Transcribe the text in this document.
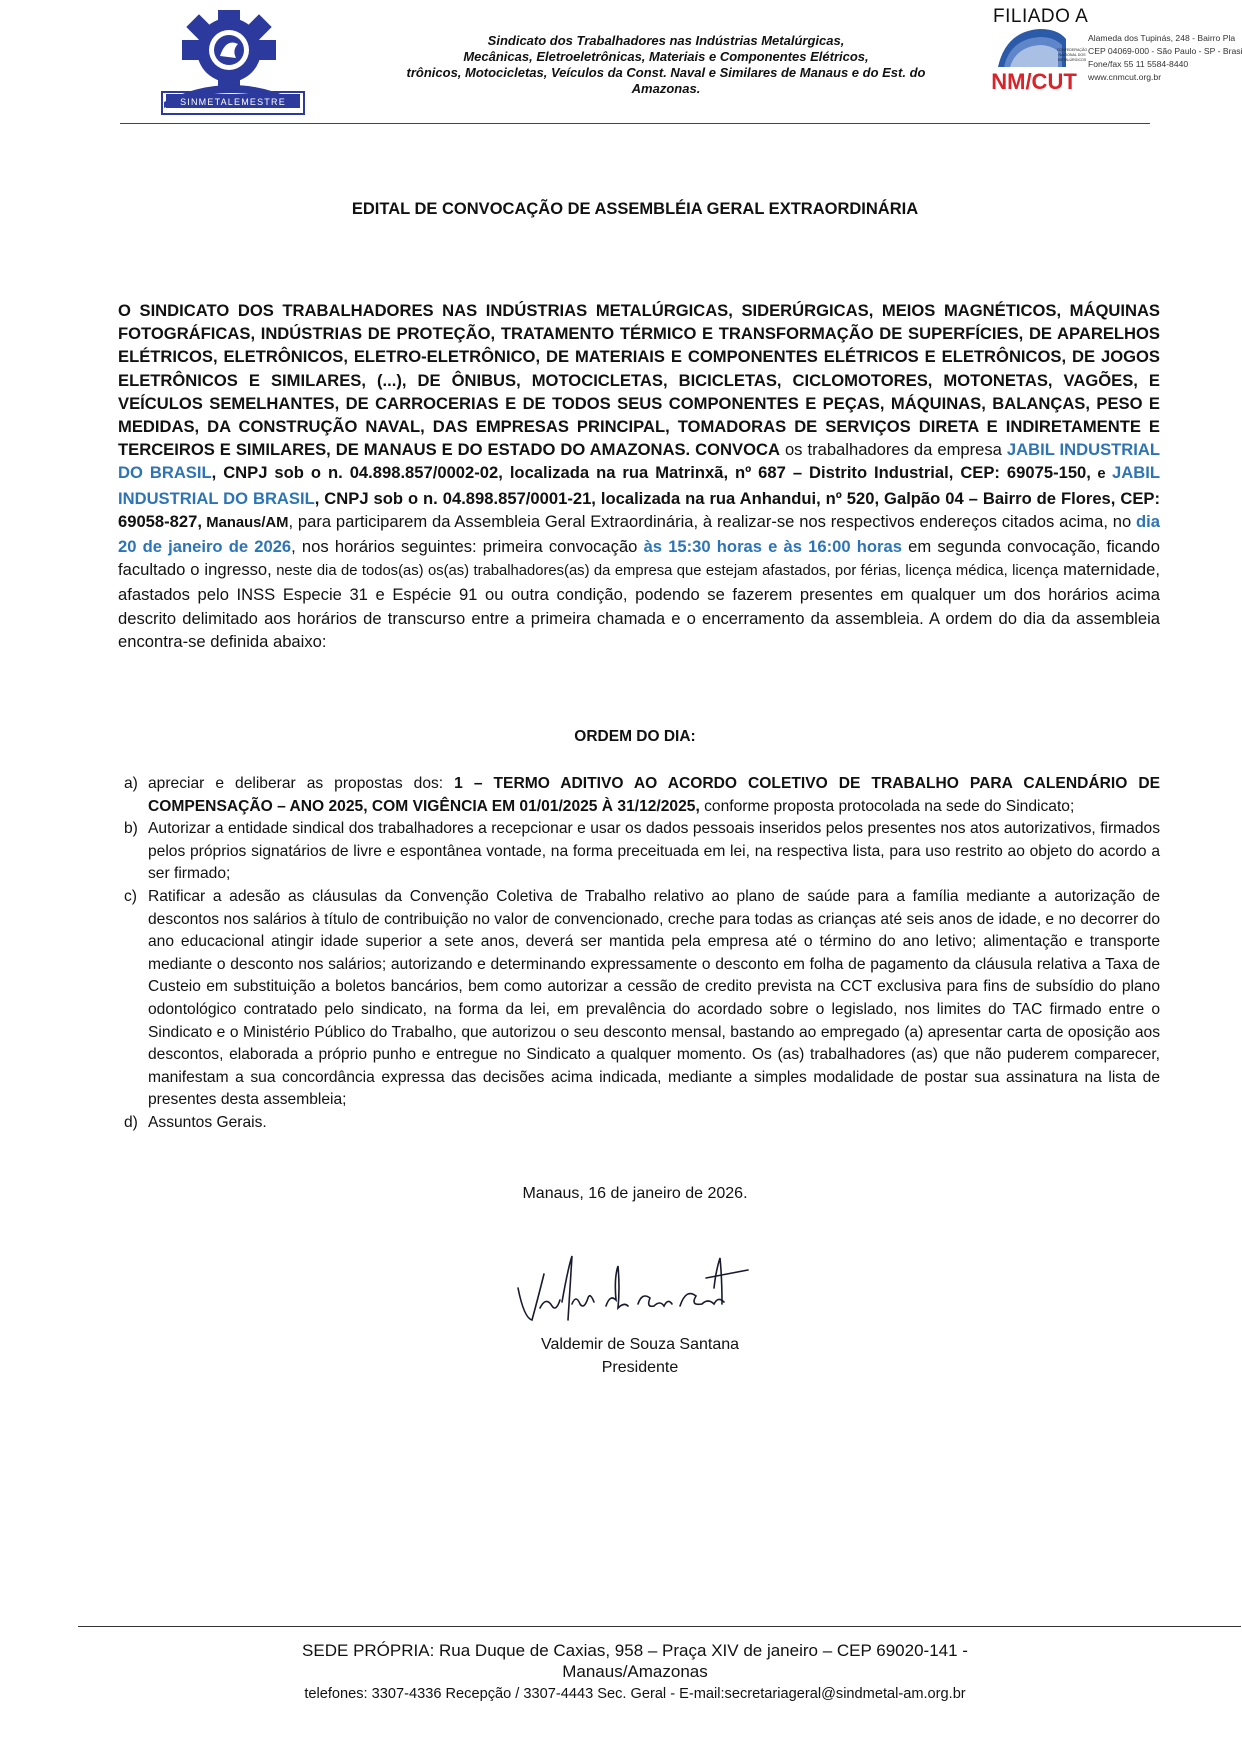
SINMETALEMESTRE
Sindicato dos Trabalhadores nas Indústrias Metalúrgicas,
Mecânicas, Eletroeletrônicas, Materiais e Componentes Elétricos,
trônicos, Motocicletas, Veículos da Const. Naval e Similares de Manaus e do Est. do
Amazonas.
FILIADO A
CONFEDERAÇÃO
NACIONAL DOS
METALÚRGICOS
NM/CUT
Alameda dos Tupinás, 248 - Bairro Pla
CEP 04069-000 - São Paulo - SP - Brasi
Fone/fax 55 11 5584-8440
www.cnmcut.org.br
EDITAL DE CONVOCAÇÃO DE ASSEMBLÉIA GERAL EXTRAORDINÁRIA
O SINDICATO DOS TRABALHADORES NAS INDÚSTRIAS METALÚRGICAS, SIDERÚRGICAS, MEIOS MAGNÉTICOS, MÁQUINAS FOTOGRÁFICAS, INDÚSTRIAS DE PROTEÇÃO, TRATAMENTO TÉRMICO E TRANSFORMAÇÃO DE SUPERFÍCIES, DE APARELHOS ELÉTRICOS, ELETRÔNICOS, ELETRO-ELETRÔNICO, DE MATERIAIS E COMPONENTES ELÉTRICOS E ELETRÔNICOS, DE JOGOS ELETRÔNICOS E SIMILARES, (...), DE ÔNIBUS, MOTOCICLETAS, BICICLETAS, CICLOMOTORES, MOTONETAS, VAGÕES, E VEÍCULOS SEMELHANTES, DE CARROCERIAS E DE TODOS SEUS COMPONENTES E PEÇAS, MÁQUINAS, BALANÇAS, PESO E MEDIDAS, DA CONSTRUÇÃO NAVAL, DAS EMPRESAS PRINCIPAL, TOMADORAS DE SERVIÇOS DIRETA E INDIRETAMENTE E TERCEIROS E SIMILARES, DE MANAUS E DO ESTADO DO AMAZONAS. CONVOCA os trabalhadores da empresa JABIL INDUSTRIAL DO BRASIL, CNPJ sob o n. 04.898.857/0002-02, localizada na rua Matrinxã, nº 687 – Distrito Industrial, CEP: 69075-150, e JABIL INDUSTRIAL DO BRASIL, CNPJ sob o n. 04.898.857/0001-21, localizada na rua Anhandui, nº 520, Galpão 04 – Bairro de Flores, CEP: 69058-827, Manaus/AM, para participarem da Assembleia Geral Extraordinária, à realizar-se nos respectivos endereços citados acima, no dia 20 de janeiro de 2026, nos horários seguintes: primeira convocação às 15:30 horas e às 16:00 horas em segunda convocação, ficando facultado o ingresso, neste dia de todos(as) os(as) trabalhadores(as) da empresa que estejam afastados, por férias, licença médica, licença maternidade, afastados pelo INSS Especie 31 e Espécie 91 ou outra condição, podendo se fazerem presentes em qualquer um dos horários acima descrito delimitado aos horários de transcurso entre a primeira chamada e o encerramento da assembleia. A ordem do dia da assembleia encontra-se definida abaixo:
ORDEM DO DIA:
a) apreciar e deliberar as propostas dos: 1 – TERMO ADITIVO AO ACORDO COLETIVO DE TRABALHO PARA CALENDÁRIO DE COMPENSAÇÃO – ANO 2025, COM VIGÊNCIA EM 01/01/2025 À 31/12/2025, conforme proposta protocolada na sede do Sindicato;
b) Autorizar a entidade sindical dos trabalhadores a recepcionar e usar os dados pessoais inseridos pelos presentes nos atos autorizativos, firmados pelos próprios signatários de livre e espontânea vontade, na forma preceituada em lei, na respectiva lista, para uso restrito ao objeto do acordo a ser firmado;
c) Ratificar a adesão as cláusulas da Convenção Coletiva de Trabalho relativo ao plano de saúde para a família mediante a autorização de descontos nos salários à título de contribuição no valor de convencionado, creche para todas as crianças até seis anos de idade, e no decorrer do ano educacional atingir idade superior a sete anos, deverá ser mantida pela empresa até o término do ano letivo; alimentação e transporte mediante o desconto nos salários; autorizando e determinando expressamente o desconto em folha de pagamento da cláusula relativa a Taxa de Custeio em substituição a boletos bancários, bem como autorizar a cessão de credito prevista na CCT exclusiva para fins de subsídio do plano odontológico contratado pelo sindicato, na forma da lei, em prevalência do acordado sobre o legislado, nos limites do TAC firmado entre o Sindicato e o Ministério Público do Trabalho, que autorizou o seu desconto mensal, bastando ao empregado (a) apresentar carta de oposição aos descontos, elaborada a próprio punho e entregue no Sindicato a qualquer momento. Os (as) trabalhadores (as) que não puderem comparecer, manifestam a sua concordância expressa das decisões acima indicada, mediante a simples modalidade de postar sua assinatura na lista de presentes desta assembleia;
d) Assuntos Gerais.
Manaus, 16 de janeiro de 2026.
Valdemir de Souza Santana
Presidente
SEDE PRÓPRIA: Rua Duque de Caxias, 958 – Praça XIV de janeiro – CEP 69020-141 -
Manaus/Amazonas
telefones: 3307-4336 Recepção / 3307-4443 Sec. Geral - E-mail:secretariageral@sindmetal-am.org.br
